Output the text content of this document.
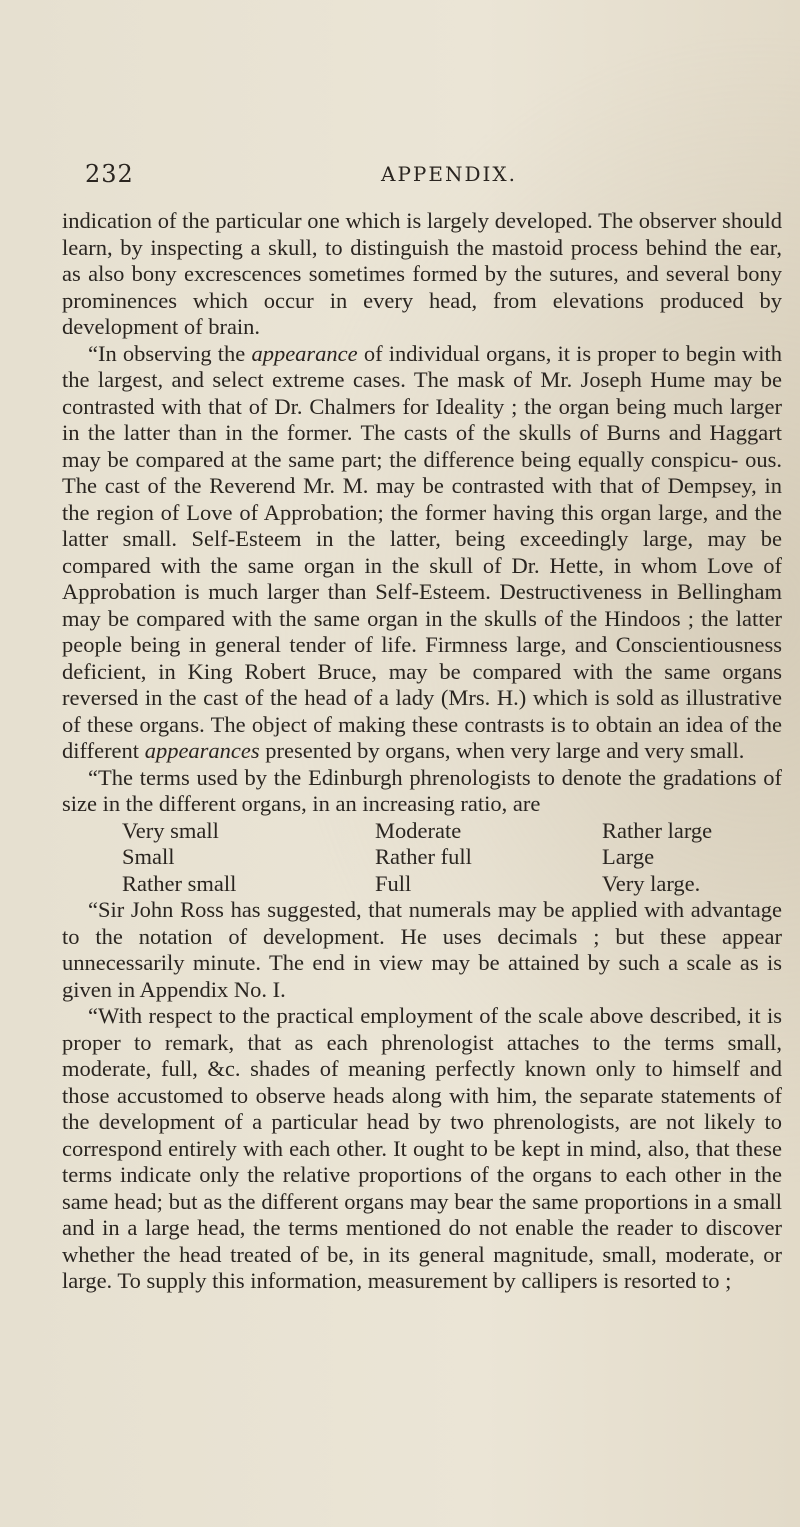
232	APPENDIX.

indication of the particular one which is largely developed. The observer should learn, by inspecting a skull, to distinguish the mastoid process behind the ear, as also bony excrescences sometimes formed by the sutures, and several bony prominences which occur in every head, from elevations produced by development of brain.

“In observing the appearance of individual organs, it is proper to begin with the largest, and select extreme cases. The mask of Mr. Joseph Hume may be contrasted with that of Dr. Chalmers for Ideality ; the organ being much larger in the latter than in the former. The casts of the skulls of Burns and Haggart may be compared at the same part; the difference being equally conspicu- ous. The cast of the Reverend Mr. M. may be contrasted with that of Dempsey, in the region of Love of Approbation; the former having this organ large, and the latter small. Self-Esteem in the latter, being exceedingly large, may be compared with the same organ in the skull of Dr. Hette, in whom Love of Approbation is much larger than Self-Esteem. Destructiveness in Bellingham may be compared with the same organ in the skulls of the Hindoos ; the latter people being in general tender of life. Firmness large, and Conscientiousness deficient, in King Robert Bruce, may be compared with the same organs reversed in the cast of the head of a lady (Mrs. H.) which is sold as illustrative of these organs. The object of making these contrasts is to obtain an idea of the different appearances presented by organs, when very large and very small.

“The terms used by the Edinburgh phrenologists to denote the gradations of size in the different organs, in an increasing ratio, are

Very small	Moderate	Rather large
Small	Rather full	Large
Rather small	Full	Very large.

“Sir John Ross has suggested, that numerals may be applied with advantage to the notation of development. He uses decimals ; but these appear unnecessarily minute. The end in view may be attained by such a scale as is given in Appendix No. I.

“With respect to the practical employment of the scale above described, it is proper to remark, that as each phrenologist attaches to the terms small, moderate, full, &c. shades of meaning perfectly known only to himself and those accustomed to observe heads along with him, the separate statements of the development of a particular head by two phrenologists, are not likely to correspond entirely with each other. It ought to be kept in mind, also, that these terms indicate only the relative proportions of the organs to each other in the same head; but as the different organs may bear the same proportions in a small and in a large head, the terms mentioned do not enable the reader to discover whether the head treated of be, in its general magnitude, small, moderate, or large. To supply this information, measurement by callipers is resorted to ;
